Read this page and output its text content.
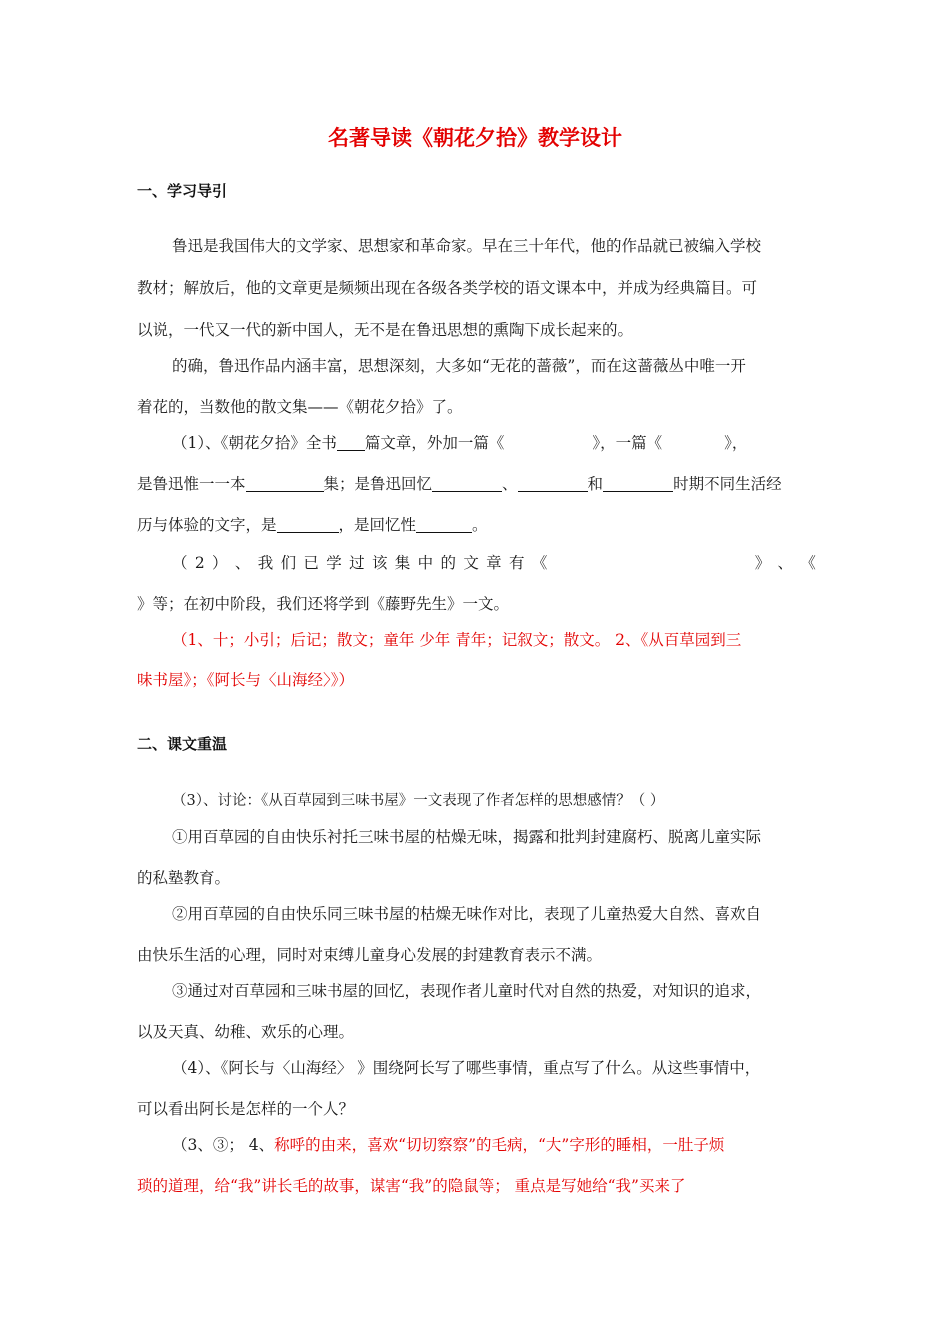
名著导读《朝花夕拾》教学设计
一、学习导引
鲁迅是我国伟大的文学家、思想家和革命家。早在三十年代，他的作品就已被编入学校
教材；解放后，他的文章更是频频出现在各级各类学校的语文课本中，并成为经典篇目。可
以说，一代又一代的新中国人，无不是在鲁迅思想的熏陶下成长起来的。
的确，鲁迅作品内涵丰富，思想深刻，大多如“无花的蔷薇”，而在这蔷薇丛中唯一开
着花的，当数他的散文集——《朝花夕拾》了。
（1）、《朝花夕拾》全书 篇文章，外加一篇《	》，一篇《	》，
是鲁迅惟一一本	集；是鲁迅回忆	、	和	时期不同生活经
历与体验的文字，是	，是回忆性	。
（ 2 ） 、 我 们 已 学 过 该 集 中 的 文 章 有 《	》 、 《
》等；在初中阶段，我们还将学到《藤野先生》一文。
（1、十；小引；后记；散文；童年 少年 青年；记叙文；散文。 2、《从百草园到三
味书屋》；《阿长与〈山海经〉》）
二、课文重温
（3）、讨论：《从百草园到三味书屋》一文表现了作者怎样的思想感情？（ ）
①用百草园的自由快乐衬托三味书屋的枯燥无味，揭露和批判封建腐朽、脱离儿童实际
的私塾教育。
②用百草园的自由快乐同三味书屋的枯燥无味作对比，表现了儿童热爱大自然、喜欢自
由快乐生活的心理，同时对束缚儿童身心发展的封建教育表示不满。
③通过对百草园和三味书屋的回忆，表现作者儿童时代对自然的热爱，对知识的追求，
以及天真、幼稚、欢乐的心理。
（4）、《阿长与〈山海经〉 》围绕阿长写了哪些事情，重点写了什么。从这些事情中，
可以看出阿长是怎样的一个人？
（3、③； 4、称呼的由来，喜欢“切切察察”的毛病，“大”字形的睡相，一肚子烦
琐的道理，给“我”讲长毛的故事，谋害“我”的隐鼠等； 重点是写她给“我”买来了
